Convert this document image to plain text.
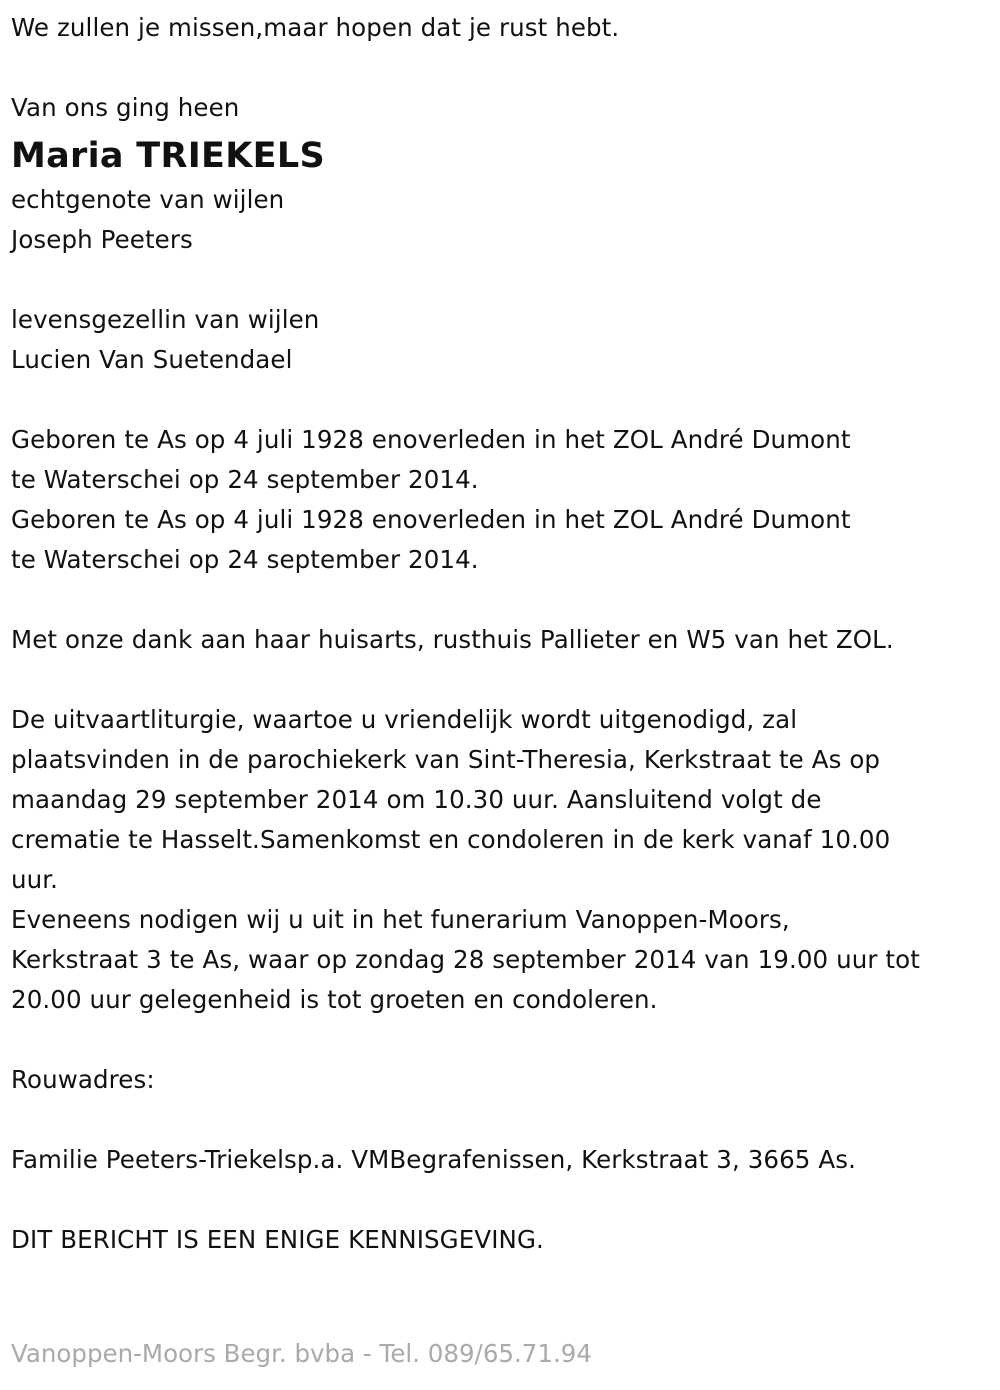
We zullen je missen,maar hopen dat je rust hebt.
Van ons ging heen
Maria TRIEKELS
echtgenote van wijlen
Joseph Peeters
levensgezellin van wijlen
Lucien Van Suetendael
Geboren te As op 4 juli 1928 enoverleden in het ZOL André Dumont
te Waterschei op 24 september 2014.
Geboren te As op 4 juli 1928 enoverleden in het ZOL André Dumont
te Waterschei op 24 september 2014.
Met onze dank aan haar huisarts, rusthuis Pallieter en W5 van het ZOL.
De uitvaartliturgie, waartoe u vriendelijk wordt uitgenodigd, zal
plaatsvinden in de parochiekerk van Sint-Theresia, Kerkstraat te As op
maandag 29 september 2014 om 10.30 uur. Aansluitend volgt de
crematie te Hasselt.Samenkomst en condoleren in de kerk vanaf 10.00
uur.
Eveneens nodigen wij u uit in het funerarium Vanoppen-Moors,
Kerkstraat 3 te As, waar op zondag 28 september 2014 van 19.00 uur tot
20.00 uur gelegenheid is tot groeten en condoleren.
Rouwadres:
Familie Peeters-Triekelsp.a. VMBegrafenissen, Kerkstraat 3, 3665 As.
DIT BERICHT IS EEN ENIGE KENNISGEVING.
Vanoppen-Moors Begr. bvba - Tel. 089/65.71.94
